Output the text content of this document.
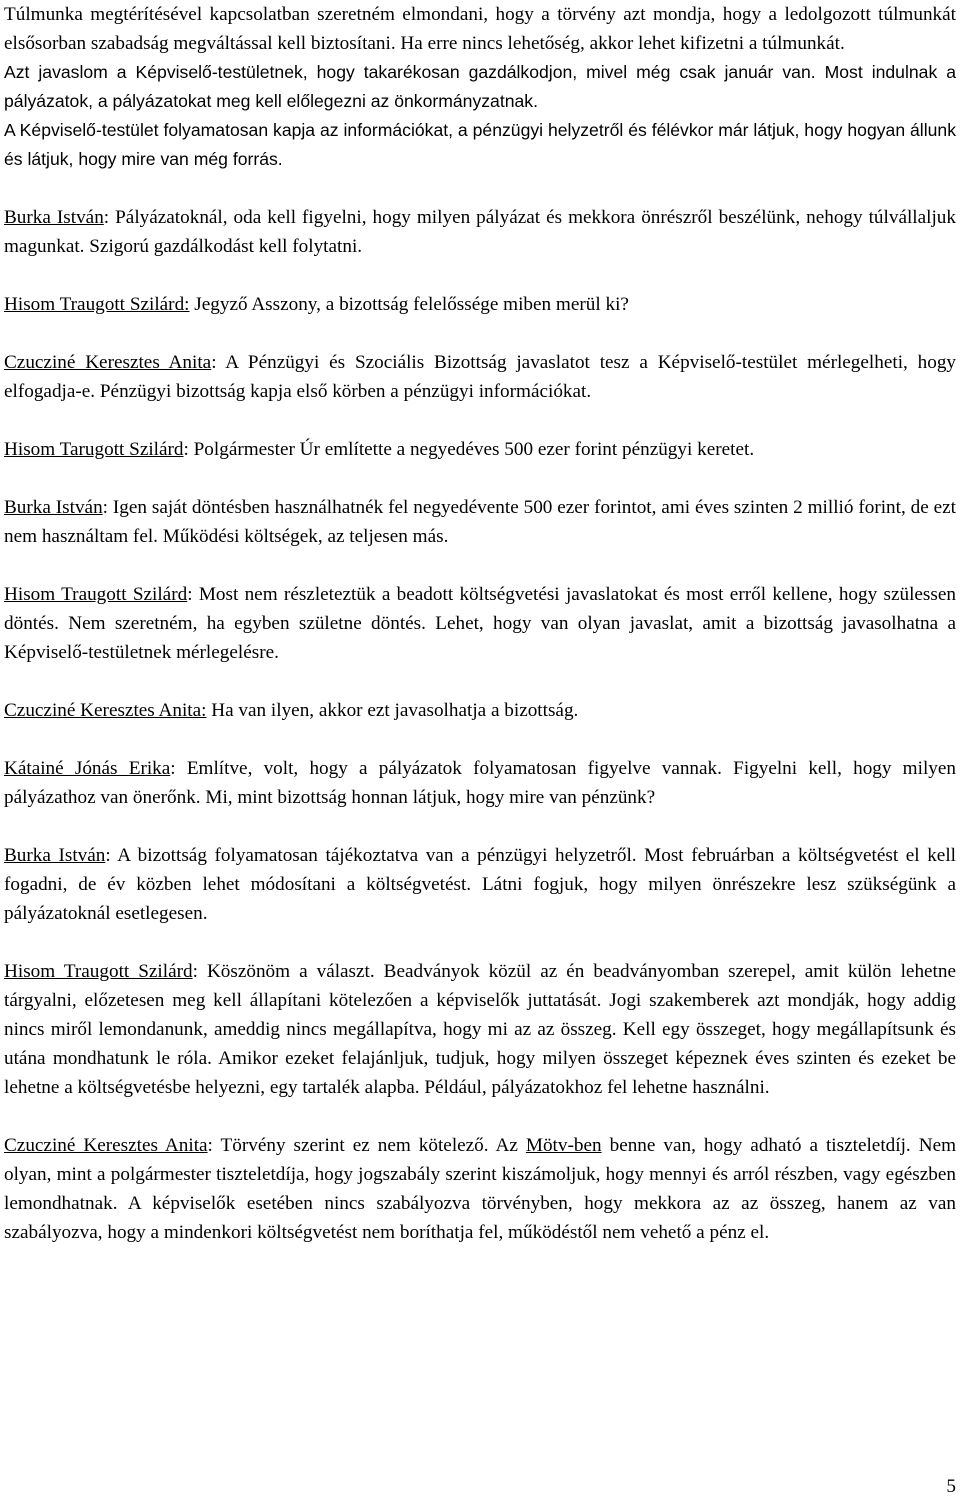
Túlmunka megtérítésével kapcsolatban szeretném elmondani, hogy a törvény azt mondja, hogy a ledolgozott túlmunkát elsősorban szabadság megváltással kell biztosítani. Ha erre nincs lehetőség, akkor lehet kifizetni a túlmunkát.

Azt javaslom a Képviselő-testületnek, hogy takarékosan gazdálkodjon, mivel még csak január van. Most indulnak a pályázatok, a pályázatokat meg kell előlegezni az önkormányzatnak.

A Képviselő-testület folyamatosan kapja az információkat, a pénzügyi helyzetről és félévkor már látjuk, hogy hogyan állunk és látjuk, hogy mire van még forrás.

Burka István: Pályázatoknál, oda kell figyelni, hogy milyen pályázat és mekkora önrészről beszélünk, nehogy túlvállaljuk magunkat. Szigorú gazdálkodást kell folytatni.

Hisom Traugott Szilárd: Jegyző Asszony, a bizottság felelőssége miben merül ki?

Czucziné Keresztes Anita: A Pénzügyi és Szociális Bizottság javaslatot tesz a Képviselő-testület mérlegelheti, hogy elfogadja-e. Pénzügyi bizottság kapja első körben a pénzügyi információkat.

Hisom Tarugott Szilárd: Polgármester Úr említette a negyedéves 500 ezer forint pénzügyi keretet.

Burka István: Igen saját döntésben használhatnék fel negyedévente 500 ezer forintot, ami éves szinten 2 millió forint, de ezt nem használtam fel. Működési költségek, az teljesen más.

Hisom Traugott Szilárd: Most nem részleteztük a beadott költségvetési javaslatokat és most erről kellene, hogy szülessen döntés. Nem szeretném, ha egyben születne döntés. Lehet, hogy van olyan javaslat, amit a bizottság javasolhatna a Képviselő-testületnek mérlegelésre.

Czucziné Keresztes Anita: Ha van ilyen, akkor ezt javasolhatja a bizottság.

Kátainé Jónás Erika: Említve, volt, hogy a pályázatok folyamatosan figyelve vannak. Figyelni kell, hogy milyen pályázathoz van önerőnk. Mi, mint bizottság honnan látjuk, hogy mire van pénzünk?

Burka István: A bizottság folyamatosan tájékoztatva van a pénzügyi helyzetről. Most februárban a költségvetést el kell fogadni, de év közben lehet módosítani a költségvetést. Látni fogjuk, hogy milyen önrészekre lesz szükségünk a pályázatoknál esetlegesen.

Hisom Traugott Szilárd: Köszönöm a választ. Beadványok közül az én beadványomban szerepel, amit külön lehetne tárgyalni, előzetesen meg kell állapítani kötelezően a képviselők juttatását. Jogi szakemberek azt mondják, hogy addig nincs miről lemondanunk, ameddig nincs megállapítva, hogy mi az az összeg. Kell egy összeget, hogy megállapítsunk és utána mondhatunk le róla. Amikor ezeket felajánljuk, tudjuk, hogy milyen összeget képeznek éves szinten és ezeket be lehetne a költségvetésbe helyezni, egy tartalék alapba. Például, pályázatokhoz fel lehetne használni.

Czucziné Keresztes Anita: Törvény szerint ez nem kötelező. Az Mötv-ben benne van, hogy adható a tiszteletdíj. Nem olyan, mint a polgármester tiszteletdíja, hogy jogszabály szerint kiszámoljuk, hogy mennyi és arról részben, vagy egészben lemondhatnak. A képviselők esetében nincs szabályozva törvényben, hogy mekkora az az összeg, hanem az van szabályozva, hogy a mindenkori költségvetést nem boríthatja fel, működéstől nem vehető a pénz el.

5
